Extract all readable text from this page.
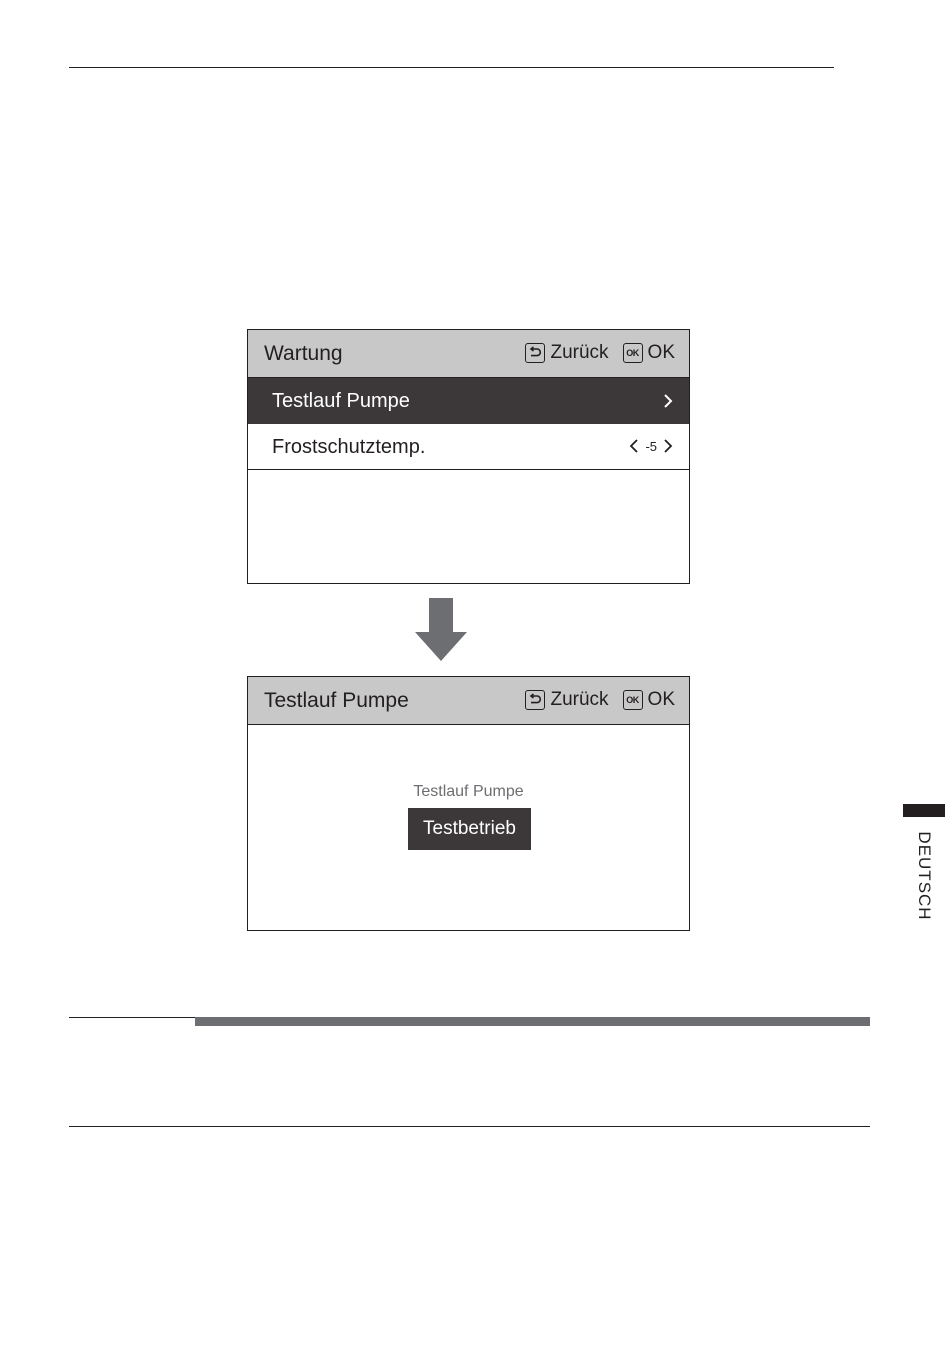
Wartung	Zurück	OK OK
Testlauf Pumpe
Frostschutztemp.	-5
Testlauf Pumpe	Zurück	OK OK
Testlauf Pumpe
Testbetrieb
DEUTSCH
